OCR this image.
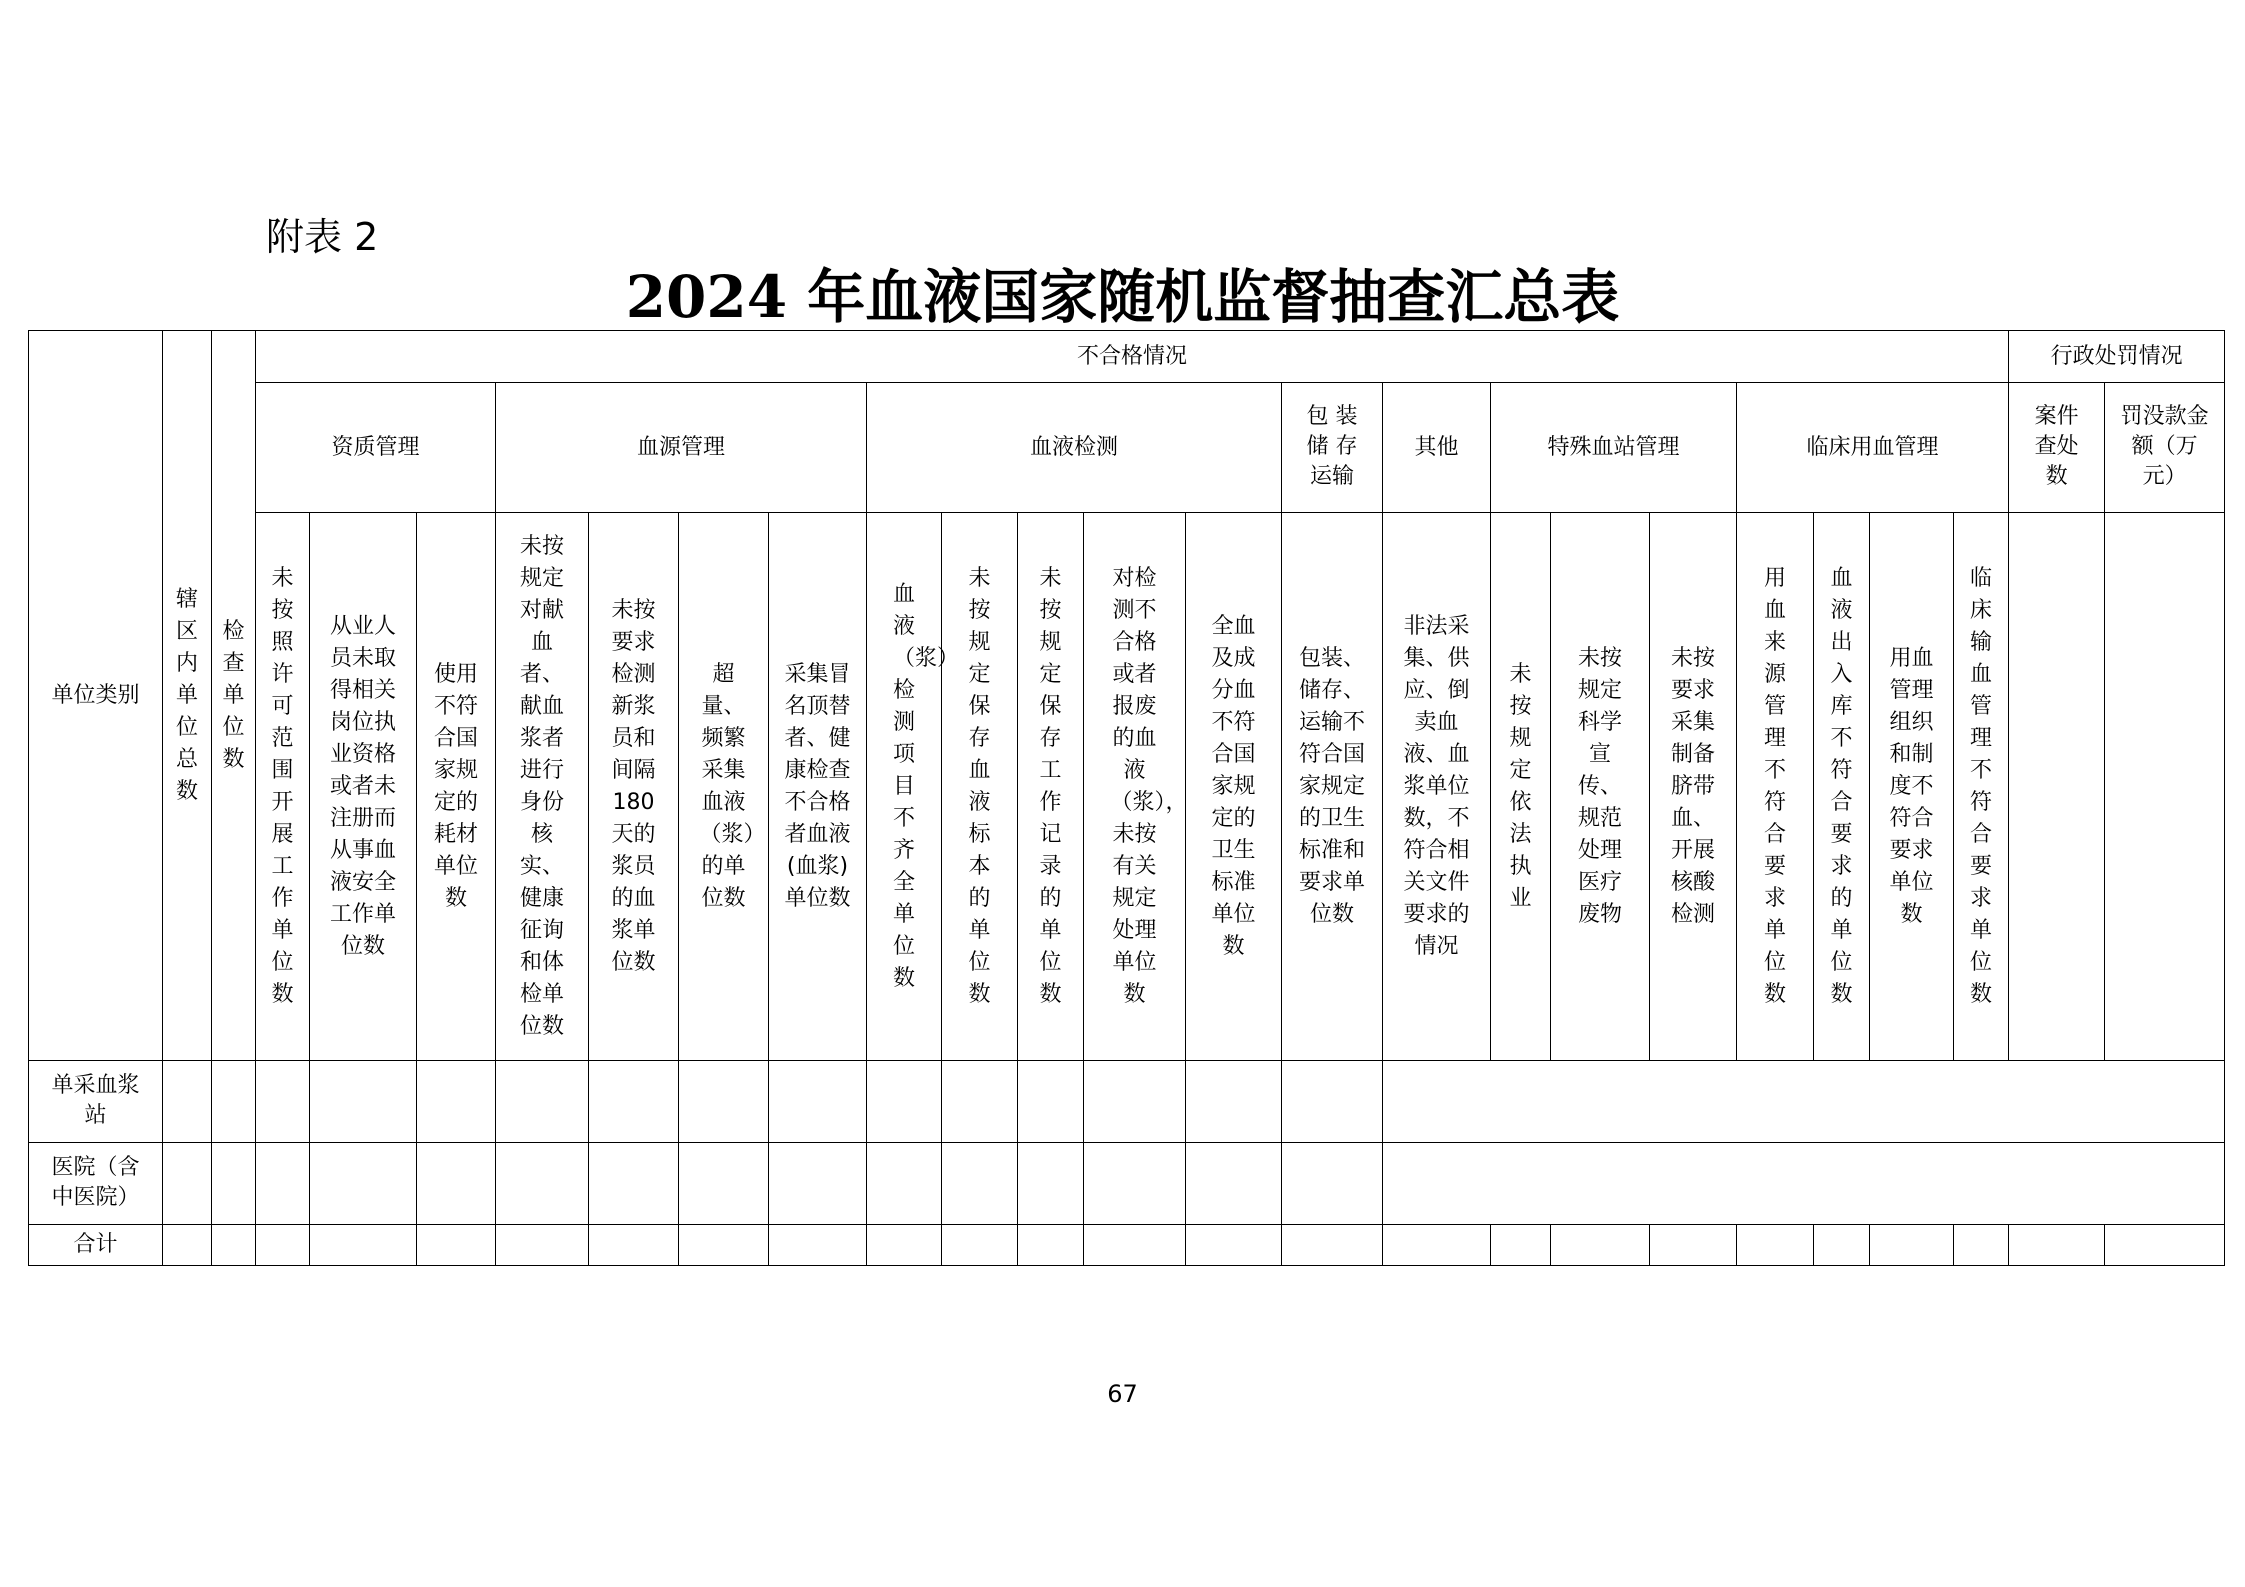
附表 2
2024 年血液国家随机监督抽查汇总表
单位类别	辖区内单位总数	检查单位数	不合格情况																					行政处罚情况	
			资质管理			血源管理				血液检测					包 装储 存运输	其他	特殊血站管理			临床用血管理				案件查处数	罚没款金额（万元）
			未按照许可范围开展工作单位数	从业人员未取得相关岗位执业资格或者未注册而从事血液安全工作单位数	使用不符合国家规定的耗材单位数	未按规定对献血者、献血浆者进行身份核实、健康征询和体检单位数	未按要求检测新浆员和间隔180天的浆员的血浆单位数	超量、频繁采集血液（浆）的单位数	采集冒名顶替者、健康检查不合格者血液(血浆)单位数	血液（浆）检测项目不齐全单位数	未按规定保存血液标本的单位数	未按规定保存工作记录的单位数	对检测不合格或者报废的血液（浆），未按有关规定处理单位数	全血及成分血不符合国家规定的卫生标准单位数	包装、储存、运输不符合国家规定的卫生标准和要求单位数	非法采集、供应、倒卖血液、血浆单位数，不符合相关文件要求的情况	未按规定依法执业	未按规定科学宣传、规范处理医疗废物	未按要求采集制备脐带血、开展核酸检测	用血来源管理不符合要求单位数	血液出入库不符合要求的单位数	用血管理组织和制度不符合要求单位数	临床输血管理不符合要求单位数		
单采血浆站																									
医院（含中医院）																									
合计																									
67
